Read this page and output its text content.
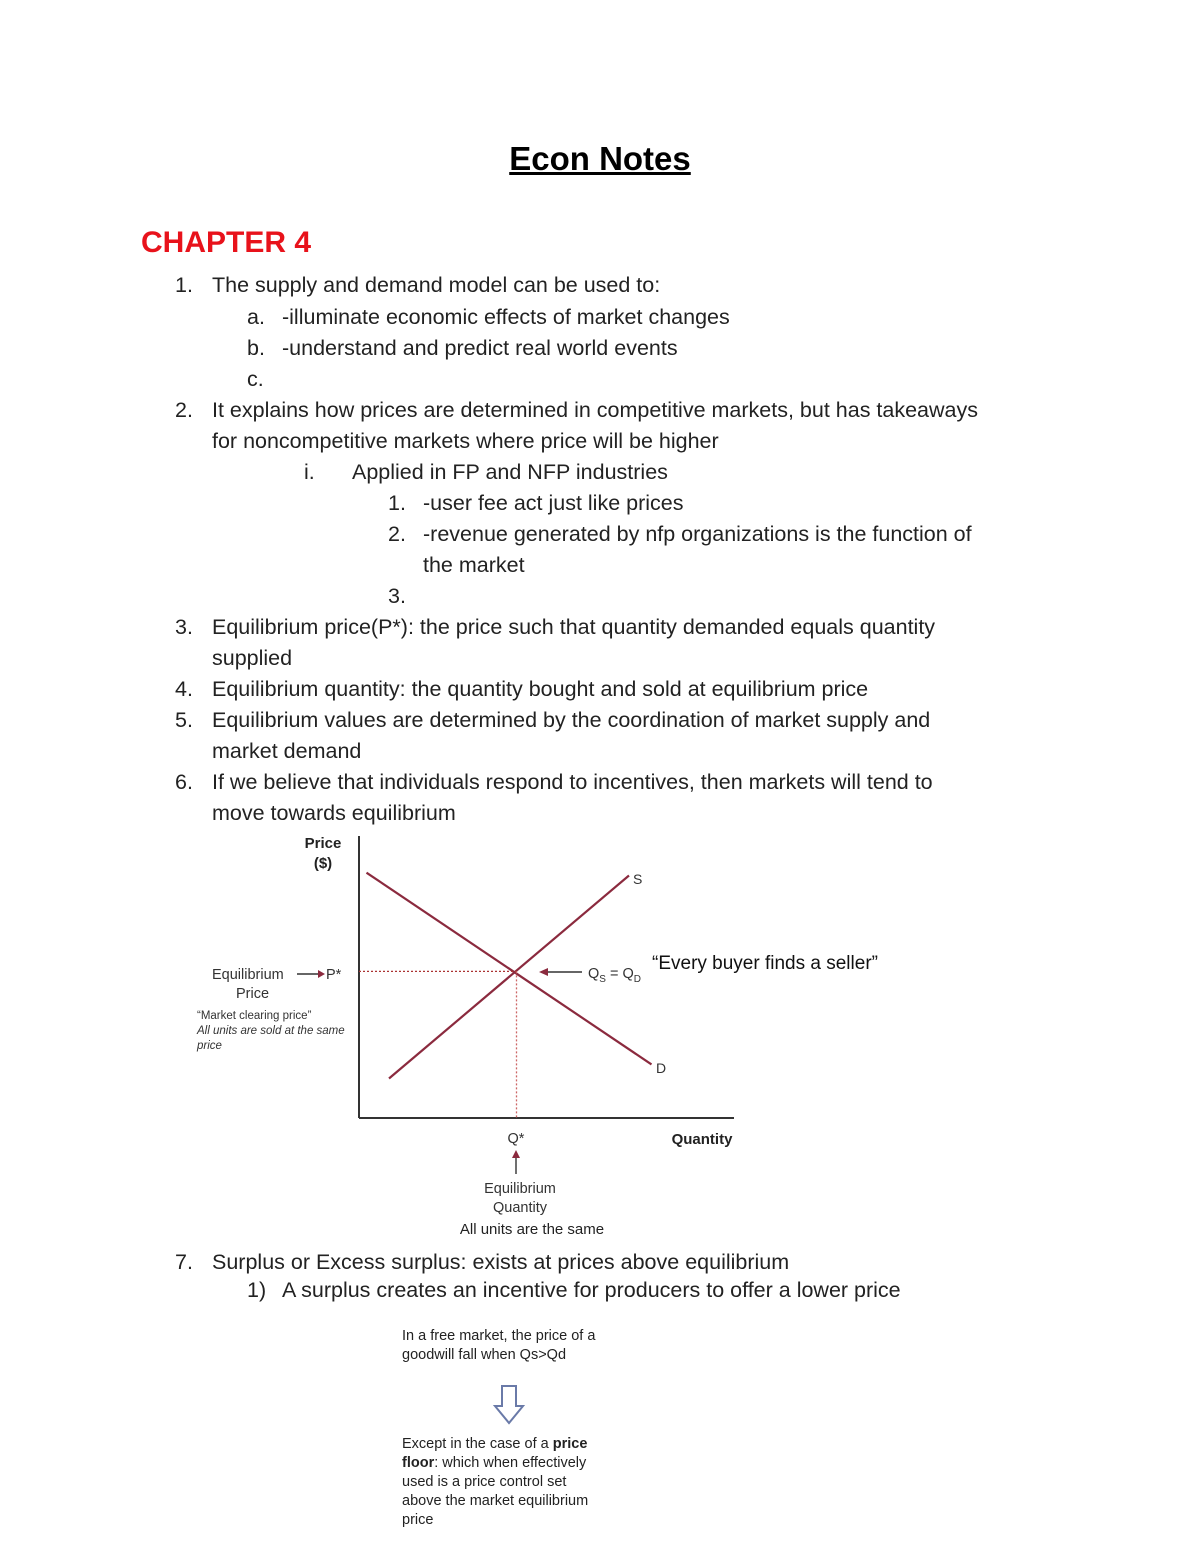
Econ Notes
CHAPTER 4
1. The supply and demand model can be used to:
a. -illuminate economic effects of market changes
b. -understand and predict real world events
c.
2. It explains how prices are determined in competitive markets, but has takeaways
for noncompetitive markets where price will be higher
i. Applied in FP and NFP industries
1. -user fee act just like prices
2. -revenue generated by nfp organizations is the function of
the market
3.
3. Equilibrium price(P*): the price such that quantity demanded equals quantity
supplied
4. Equilibrium quantity: the quantity bought and sold at equilibrium price
5. Equilibrium values are determined by the coordination of market supply and
market demand
6. If we believe that individuals respond to incentives, then markets will tend to
move towards equilibrium
Price
($)
Quantity
S
D
Equilibrium
Price
P*
“Market clearing price”
All units are sold at the same
price
$Q_S = Q_D$
“Every buyer finds a seller”
Q*
Equilibrium
Quantity
All units are the same
7. Surplus or Excess surplus: exists at prices above equilibrium
1) A surplus creates an incentive for producers to offer a lower price
In a free market, the price of a
goodwill fall when Qs>Qd
Except in the case of a price
floor: which when effectively
used is a price control set
above the market equilibrium
price
